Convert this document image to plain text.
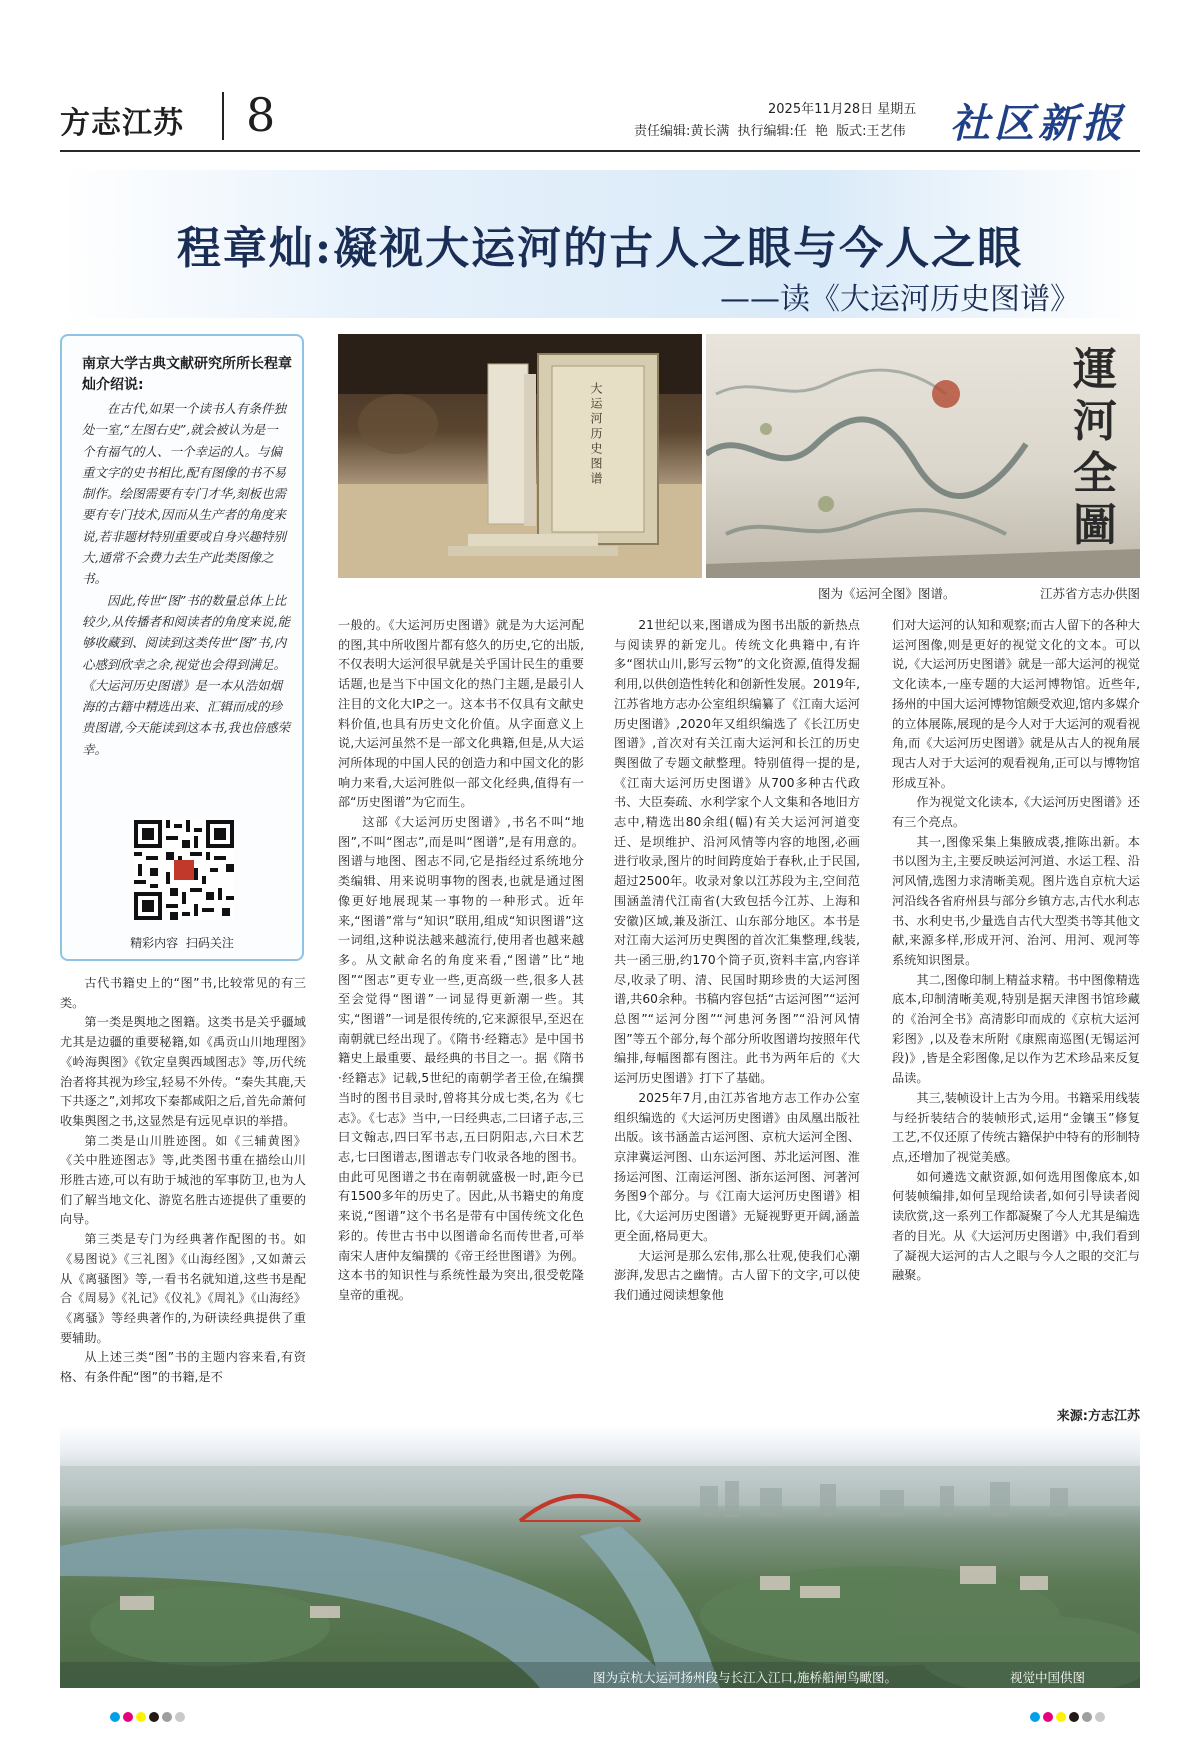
方志江苏 8	2025年11月28日 星期五
责任编辑:黄长满 执行编辑:任 艳 版式:王艺伟 社区新报
程章灿:凝视大运河的古人之眼与今人之眼
——读《大运河历史图谱》
南京大学古典文献研究所所长程章灿介绍说:

在古代,如果一个读书人有条件独处一室,“左图右史”,就会被认为是一个有福气的人、一个幸运的人。与偏重文字的史书相比,配有图像的书不易制作。绘图需要有专门才华,刻板也需要有专门技术,因而从生产者的角度来说,若非题材特别重要或自身兴趣特别大,通常不会费力去生产此类图像之书。

因此,传世“图”书的数量总体上比较少,从传播者和阅读者的角度来说,能够收藏到、阅读到这类传世“图”书,内心感到欣幸之余,视觉也会得到满足。《大运河历史图谱》是一本从浩如烟海的古籍中精选出来、汇辑而成的珍贵图谱,今天能读到这本书,我也倍感荣幸。

精彩内容 扫码关注
大运河历史图谱
運河全圖
图为《运河全图》图谱。	江苏省方志办供图

古代书籍史上的“图”书,比较常见的有三类。

第一类是舆地之图籍。这类书是关乎疆域尤其是边疆的重要秘籍,如《禹贡山川地理图》《岭海舆图》《钦定皇舆西域图志》等,历代统治者将其视为珍宝,轻易不外传。“秦失其鹿,天下共逐之”,刘邦攻下秦都咸阳之后,首先命萧何收集舆图之书,这显然是有远见卓识的举措。

第二类是山川胜迹图。如《三辅黄图》《关中胜迹图志》等,此类图书重在描绘山川形胜古迹,可以有助于城池的军事防卫,也为人们了解当地文化、游览名胜古迹提供了重要的向导。

第三类是专门为经典著作配图的书。如《易图说》《三礼图》《山海经图》,又如萧云从《离骚图》等,一看书名就知道,这些书是配合《周易》《礼记》《仪礼》《周礼》《山海经》《离骚》等经典著作的,为研读经典提供了重要辅助。

从上述三类“图”书的主题内容来看,有资格、有条件配“图”的书籍,是不

一般的。《大运河历史图谱》就是为大运河配的图,其中所收图片都有悠久的历史,它的出版,不仅表明大运河很早就是关乎国计民生的重要话题,也是当下中国文化的热门主题,是最引人注目的文化大IP之一。这本书不仅具有文献史料价值,也具有历史文化价值。从字面意义上说,大运河虽然不是一部文化典籍,但是,从大运河所体现的中国人民的创造力和中国文化的影响力来看,大运河胜似一部文化经典,值得有一部“历史图谱”为它而生。

这部《大运河历史图谱》,书名不叫“地图”,不叫“图志”,而是叫“图谱”,是有用意的。图谱与地图、图志不同,它是指经过系统地分类编辑、用来说明事物的图表,也就是通过图像更好地展现某一事物的一种形式。近年来,“图谱”常与“知识”联用,组成“知识图谱”这一词组,这种说法越来越流行,使用者也越来越多。从文献命名的角度来看,“图谱”比“地图”“图志”更专业一些,更高级一些,很多人甚至会觉得“图谱”一词显得更新潮一些。其实,“图谱”一词是很传统的,它来源很早,至迟在南朝就已经出现了。《隋书·经籍志》是中国书籍史上最重要、最经典的书目之一。据《隋书·经籍志》记载,5世纪的南朝学者王俭,在编撰当时的图书目录时,曾将其分成七类,名为《七志》。《七志》当中,一曰经典志,二曰诸子志,三曰文翰志,四曰军书志,五曰阴阳志,六曰术艺志,七曰图谱志,图谱志专门收录各地的图书。由此可见图谱之书在南朝就盛极一时,距今已有1500多年的历史了。因此,从书籍史的角度来说,“图谱”这个书名是带有中国传统文化色彩的。传世古书中以图谱命名而传世者,可举南宋人唐仲友编撰的《帝王经世图谱》为例。这本书的知识性与系统性最为突出,很受乾隆皇帝的重视。

21世纪以来,图谱成为图书出版的新热点与阅读界的新宠儿。传统文化典籍中,有许多“图状山川,影写云物”的文化资源,值得发掘利用,以供创造性转化和创新性发展。2019年,江苏省地方志办公室组织编纂了《江南大运河历史图谱》,2020年又组织编选了《长江历史图谱》,首次对有关江南大运河和长江的历史舆图做了专题文献整理。特别值得一提的是,《江南大运河历史图谱》从700多种古代政书、大臣奏疏、水利学家个人文集和各地旧方志中,精选出80余组(幅)有关大运河河道变迁、是坝维护、沿河风情等内容的地图,必画进行收录,图片的时间跨度始于春秋,止于民国,超过2500年。收录对象以江苏段为主,空间范围涵盖清代江南省(大致包括今江苏、上海和安徽)区域,兼及浙江、山东部分地区。本书是对江南大运河历史舆图的首次汇集整理,线装,共一函三册,约170个筒子页,资料丰富,内容详尽,收录了明、清、民国时期珍贵的大运河图谱,共60余种。书稿内容包括“古运河图”“运河总图”“运河分图”“河患河务图”“沿河风情图”等五个部分,每个部分所收图谱均按照年代编排,每幅图都有图注。此书为两年后的《大运河历史图谱》打下了基础。

2025年7月,由江苏省地方志工作办公室组织编选的《大运河历史图谱》由凤凰出版社出版。该书涵盖古运河图、京杭大运河全图、京津冀运河图、山东运河图、苏北运河图、淮扬运河图、江南运河图、浙东运河图、河著河务图9个部分。与《江南大运河历史图谱》相比,《大运河历史图谱》无疑视野更开阔,涵盖更全面,格局更大。

大运河是那么宏伟,那么壮观,使我们心潮澎湃,发思古之幽情。古人留下的文字,可以使我们通过阅读想象他

们对大运河的认知和观察;而古人留下的各种大运河图像,则是更好的视觉文化的文本。可以说,《大运河历史图谱》就是一部大运河的视觉文化读本,一座专题的大运河博物馆。近些年,扬州的中国大运河博物馆颇受欢迎,馆内多媒介的立体展陈,展现的是今人对于大运河的观看视角,而《大运河历史图谱》就是从古人的视角展现古人对于大运河的观看视角,正可以与博物馆形成互补。

作为视觉文化读本,《大运河历史图谱》还有三个亮点。

其一,图像采集上集腋成裘,推陈出新。本书以图为主,主要反映运河河道、水运工程、沿河风情,选图力求清晰美观。图片选自京杭大运河沿线各省府州县与部分乡镇方志,古代水利志书、水利史书,少量选自古代大型类书等其他文献,来源多样,形成开河、治河、用河、观河等系统知识图景。

其二,图像印制上精益求精。书中图像精选底本,印制清晰美观,特别是据天津图书馆珍藏的《治河全书》高清影印而成的《京杭大运河彩图》,以及卷末所附《康熙南巡图(无锡运河段)》,皆是全彩图像,足以作为艺术珍品来反复品读。

其三,装帧设计上古为今用。书籍采用线装与经折装结合的装帧形式,运用“金镶玉”修复工艺,不仅还原了传统古籍保护中特有的形制特点,还增加了视觉美感。

如何遴选文献资源,如何选用图像底本,如何装帧编排,如何呈现给读者,如何引导读者阅读欣赏,这一系列工作都凝聚了今人尤其是编选者的目光。从《大运河历史图谱》中,我们看到了凝视大运河的古人之眼与今人之眼的交汇与融聚。

来源:方志江苏
图为京杭大运河扬州段与长江入江口,施桥船闸鸟瞰图。	视觉中国供图
